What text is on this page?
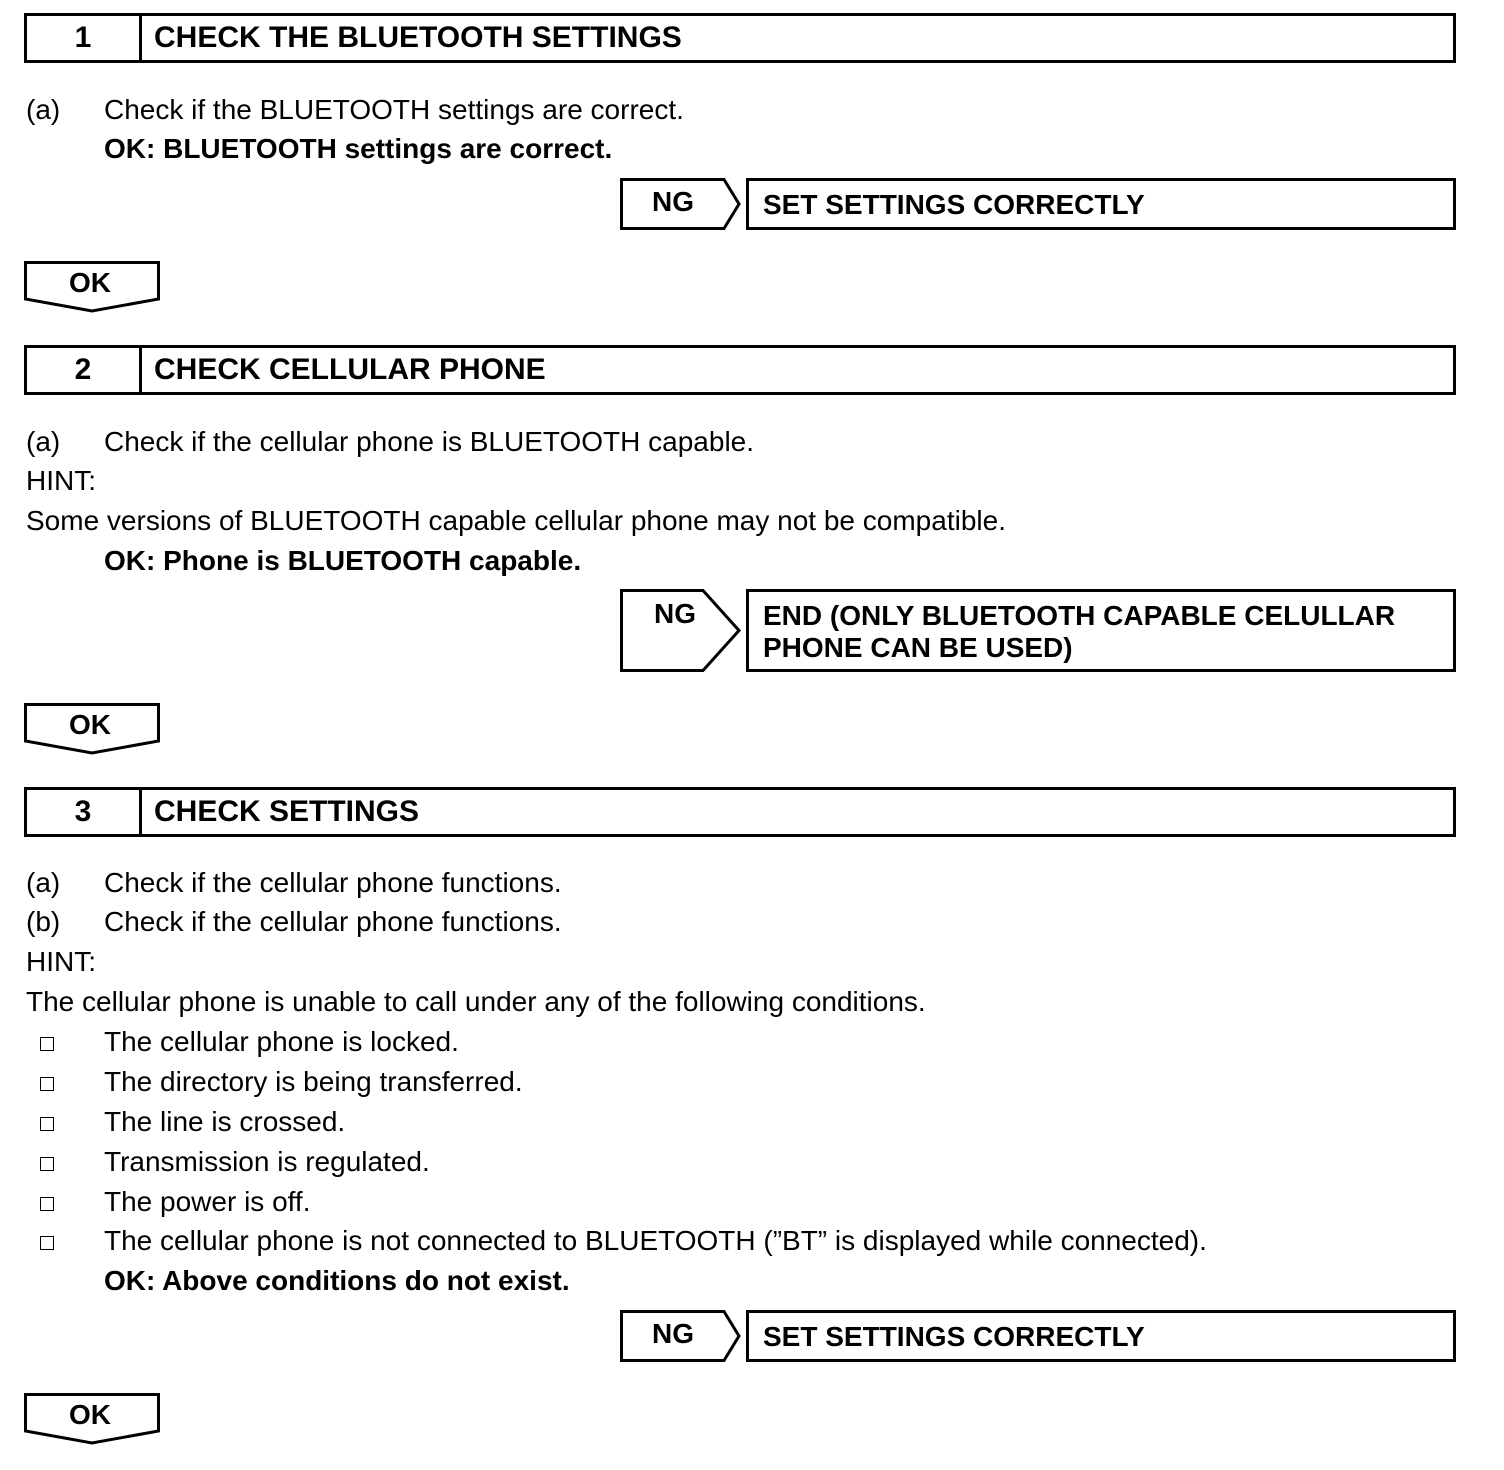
1	CHECK THE BLUETOOTH SETTINGS
(a) Check if the BLUETOOTH settings are correct.
OK: BLUETOOTH settings are correct.
NG	SET SETTINGS CORRECTLY
OK
2	CHECK CELLULAR PHONE
(a) Check if the cellular phone is BLUETOOTH capable.
HINT:
Some versions of BLUETOOTH capable cellular phone may not be compatible.
OK: Phone is BLUETOOTH capable.
NG	END (ONLY BLUETOOTH CAPABLE CELULLAR
PHONE CAN BE USED)
OK
3	CHECK SETTINGS
(a) Check if the cellular phone functions.
(b) Check if the cellular phone functions.
HINT:
The cellular phone is unable to call under any of the following conditions.
The cellular phone is locked.
The directory is being transferred.
The line is crossed.
Transmission is regulated.
The power is off.
The cellular phone is not connected to BLUETOOTH (”BT” is displayed while connected).
OK: Above conditions do not exist.
NG	SET SETTINGS CORRECTLY
OK
